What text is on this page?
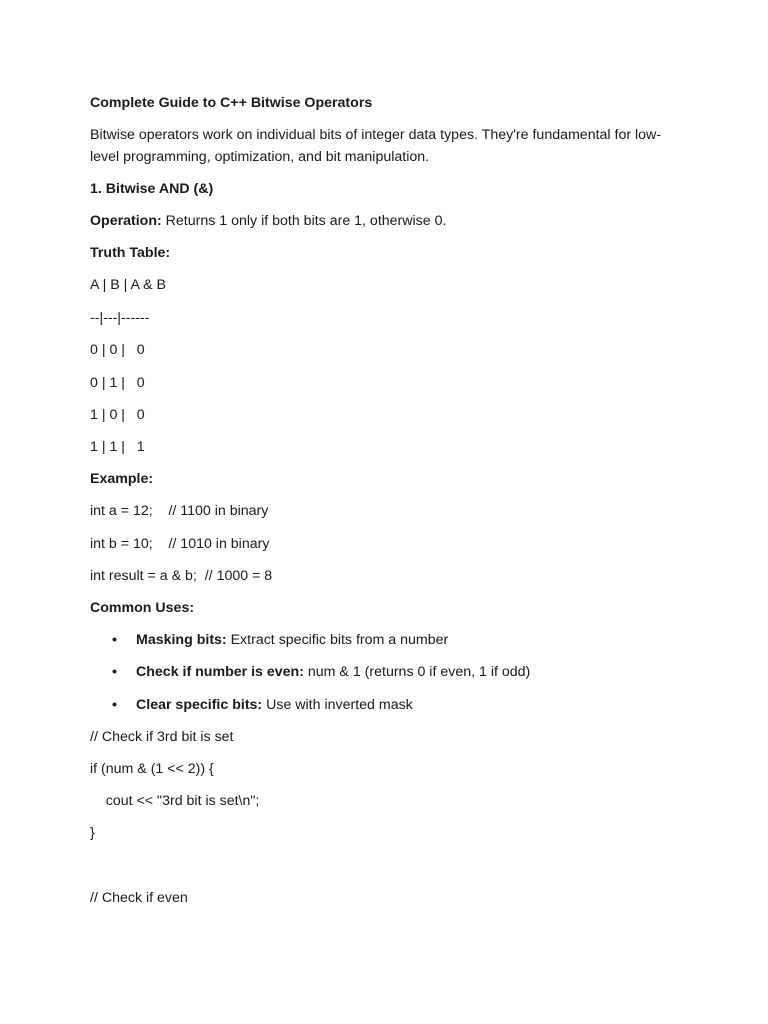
Complete Guide to C++ Bitwise Operators
Bitwise operators work on individual bits of integer data types. They're fundamental for low-level programming, optimization, and bit manipulation.
1. Bitwise AND (&)
Operation: Returns 1 only if both bits are 1, otherwise 0.
Truth Table:
A | B | A & B
--|---|------
0 | 0 |   0
0 | 1 |   0
1 | 0 |   0
1 | 1 |   1
Example:
int a = 12;    // 1100 in binary
int b = 10;    // 1010 in binary
int result = a & b;  // 1000 = 8
Common Uses:
• Masking bits: Extract specific bits from a number
• Check if number is even: num & 1 (returns 0 if even, 1 if odd)
• Clear specific bits: Use with inverted mask
// Check if 3rd bit is set
if (num & (1 << 2)) {
cout << "3rd bit is set\n";
}
// Check if even
